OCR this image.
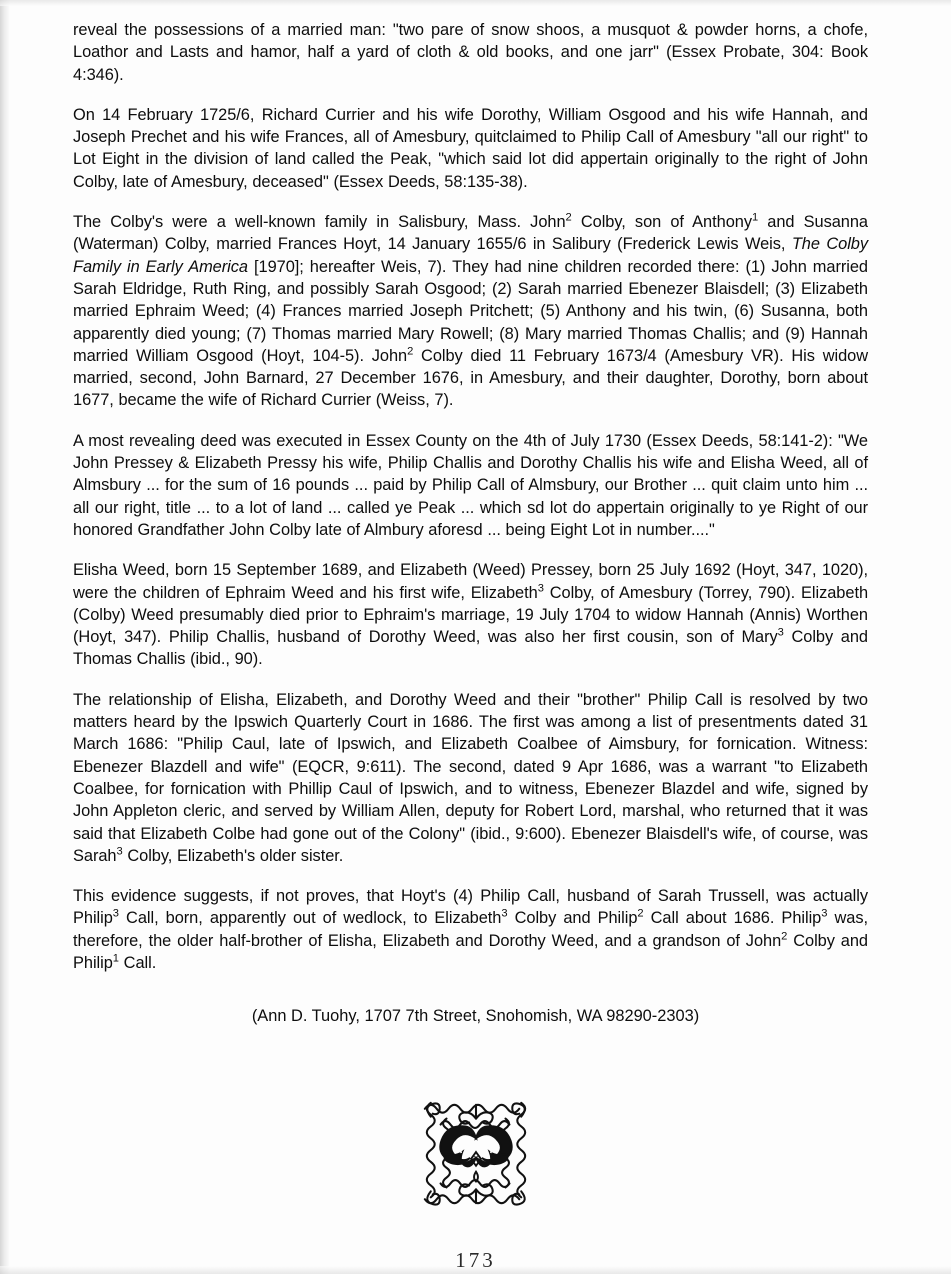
reveal the possessions of a married man: "two pare of snow shoos, a musquot & powder horns, a chofe, Loathor and Lasts and hamor, half a yard of cloth & old books, and one jarr" (Essex Probate, 304: Book 4:346).

On 14 February 1725/6, Richard Currier and his wife Dorothy, William Osgood and his wife Hannah, and Joseph Prechet and his wife Frances, all of Amesbury, quitclaimed to Philip Call of Amesbury "all our right" to Lot Eight in the division of land called the Peak, "which said lot did appertain originally to the right of John Colby, late of Amesbury, deceased" (Essex Deeds, 58:135-38).

The Colby's were a well-known family in Salisbury, Mass. John$^2$ Colby, son of Anthony$^1$ and Susanna (Waterman) Colby, married Frances Hoyt, 14 January 1655/6 in Salibury (Frederick Lewis Weis, The Colby Family in Early America [1970]; hereafter Weis, 7). They had nine children recorded there: (1) John married Sarah Eldridge, Ruth Ring, and possibly Sarah Osgood; (2) Sarah married Ebenezer Blaisdell; (3) Elizabeth married Ephraim Weed; (4) Frances married Joseph Pritchett; (5) Anthony and his twin, (6) Susanna, both apparently died young; (7) Thomas married Mary Rowell; (8) Mary married Thomas Challis; and (9) Hannah married William Osgood (Hoyt, 104-5). John$^2$ Colby died 11 February 1673/4 (Amesbury VR). His widow married, second, John Barnard, 27 December 1676, in Amesbury, and their daughter, Dorothy, born about 1677, became the wife of Richard Currier (Weiss, 7).

A most revealing deed was executed in Essex County on the 4th of July 1730 (Essex Deeds, 58:141-2): "We John Pressey & Elizabeth Pressy his wife, Philip Challis and Dorothy Challis his wife and Elisha Weed, all of Almsbury ... for the sum of 16 pounds ... paid by Philip Call of Almsbury, our Brother ... quit claim unto him ... all our right, title ... to a lot of land ... called ye Peak ... which sd lot do appertain originally to ye Right of our honored Grandfather John Colby late of Almbury aforesd ... being Eight Lot in number...."

Elisha Weed, born 15 September 1689, and Elizabeth (Weed) Pressey, born 25 July 1692 (Hoyt, 347, 1020), were the children of Ephraim Weed and his first wife, Elizabeth$^3$ Colby, of Amesbury (Torrey, 790). Elizabeth (Colby) Weed presumably died prior to Ephraim's marriage, 19 July 1704 to widow Hannah (Annis) Worthen (Hoyt, 347). Philip Challis, husband of Dorothy Weed, was also her first cousin, son of Mary$^3$ Colby and Thomas Challis (ibid., 90).

The relationship of Elisha, Elizabeth, and Dorothy Weed and their "brother" Philip Call is resolved by two matters heard by the Ipswich Quarterly Court in 1686. The first was among a list of presentments dated 31 March 1686: "Philip Caul, late of Ipswich, and Elizabeth Coalbee of Aimsbury, for fornication. Witness: Ebenezer Blazdell and wife" (EQCR, 9:611). The second, dated 9 Apr 1686, was a warrant "to Elizabeth Coalbee, for fornication with Phillip Caul of Ipswich, and to witness, Ebenezer Blazdel and wife, signed by John Appleton cleric, and served by William Allen, deputy for Robert Lord, marshal, who returned that it was said that Elizabeth Colbe had gone out of the Colony" (ibid., 9:600). Ebenezer Blaisdell's wife, of course, was Sarah$^3$ Colby, Elizabeth's older sister.

This evidence suggests, if not proves, that Hoyt's (4) Philip Call, husband of Sarah Trussell, was actually Philip$^3$ Call, born, apparently out of wedlock, to Elizabeth$^3$ Colby and Philip$^2$ Call about 1686. Philip$^3$ was, therefore, the older half-brother of Elisha, Elizabeth and Dorothy Weed, and a grandson of John$^2$ Colby and Philip$^1$ Call.

(Ann D. Tuohy, 1707 7th Street, Snohomish, WA 98290-2303)
173
